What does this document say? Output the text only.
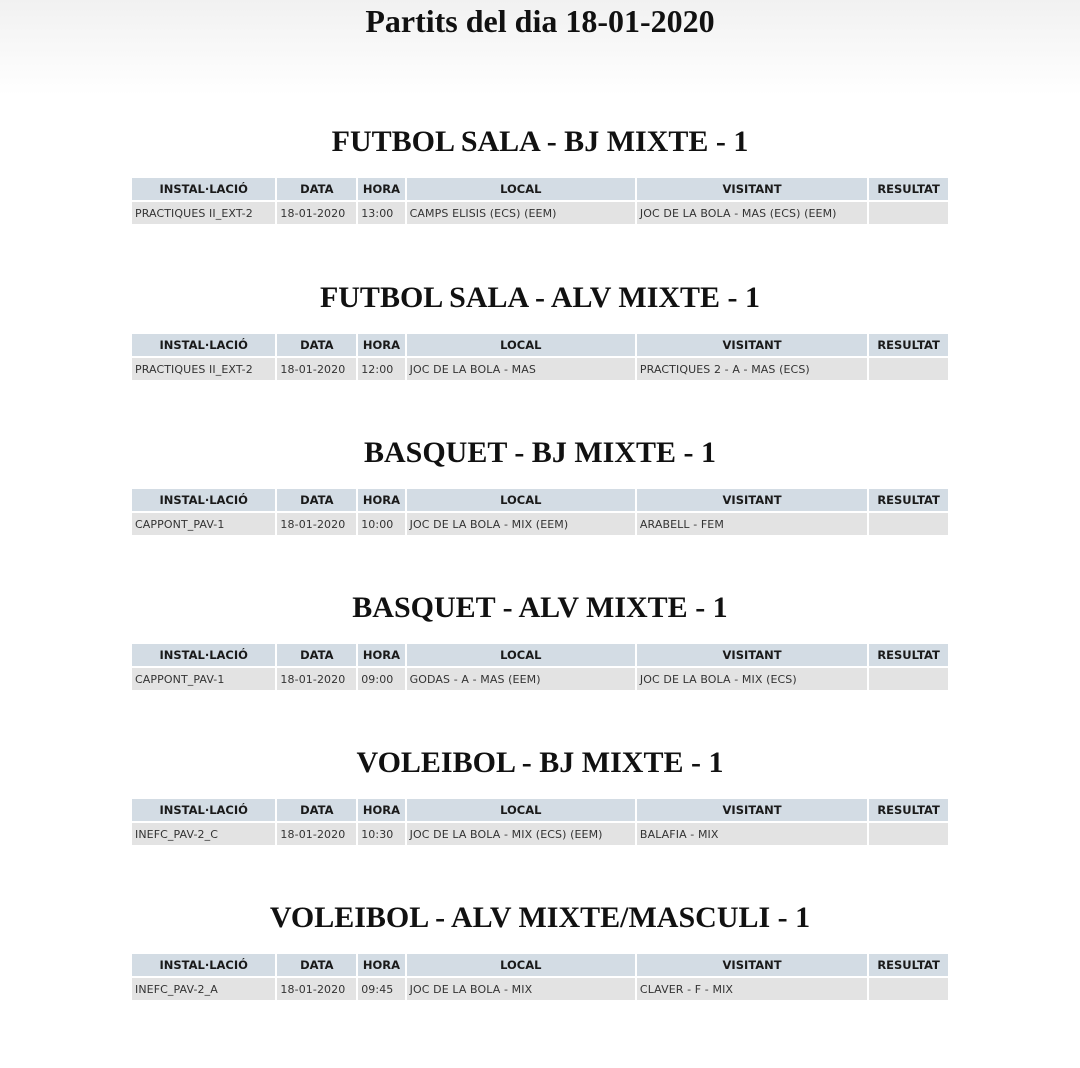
Partits del dia 18-01-2020
FUTBOL SALA - BJ MIXTE - 1
INSTAL·LACIÓ	DATA	HORA	LOCAL	VISITANT	RESULTAT
PRACTIQUES II_EXT-2	18-01-2020	13:00	CAMPS ELISIS (ECS) (EEM)	JOC DE LA BOLA - MAS (ECS) (EEM)	
FUTBOL SALA - ALV MIXTE - 1
INSTAL·LACIÓ	DATA	HORA	LOCAL	VISITANT	RESULTAT
PRACTIQUES II_EXT-2	18-01-2020	12:00	JOC DE LA BOLA - MAS	PRACTIQUES 2 - A - MAS (ECS)	
BASQUET - BJ MIXTE - 1
INSTAL·LACIÓ	DATA	HORA	LOCAL	VISITANT	RESULTAT
CAPPONT_PAV-1	18-01-2020	10:00	JOC DE LA BOLA - MIX (EEM)	ARABELL - FEM	
BASQUET - ALV MIXTE - 1
INSTAL·LACIÓ	DATA	HORA	LOCAL	VISITANT	RESULTAT
CAPPONT_PAV-1	18-01-2020	09:00	GODAS - A - MAS (EEM)	JOC DE LA BOLA - MIX (ECS)	
VOLEIBOL - BJ MIXTE - 1
INSTAL·LACIÓ	DATA	HORA	LOCAL	VISITANT	RESULTAT
INEFC_PAV-2_C	18-01-2020	10:30	JOC DE LA BOLA - MIX (ECS) (EEM)	BALAFIA - MIX	
VOLEIBOL - ALV MIXTE/MASCULI - 1
INSTAL·LACIÓ	DATA	HORA	LOCAL	VISITANT	RESULTAT
INEFC_PAV-2_A	18-01-2020	09:45	JOC DE LA BOLA - MIX	CLAVER - F - MIX	
